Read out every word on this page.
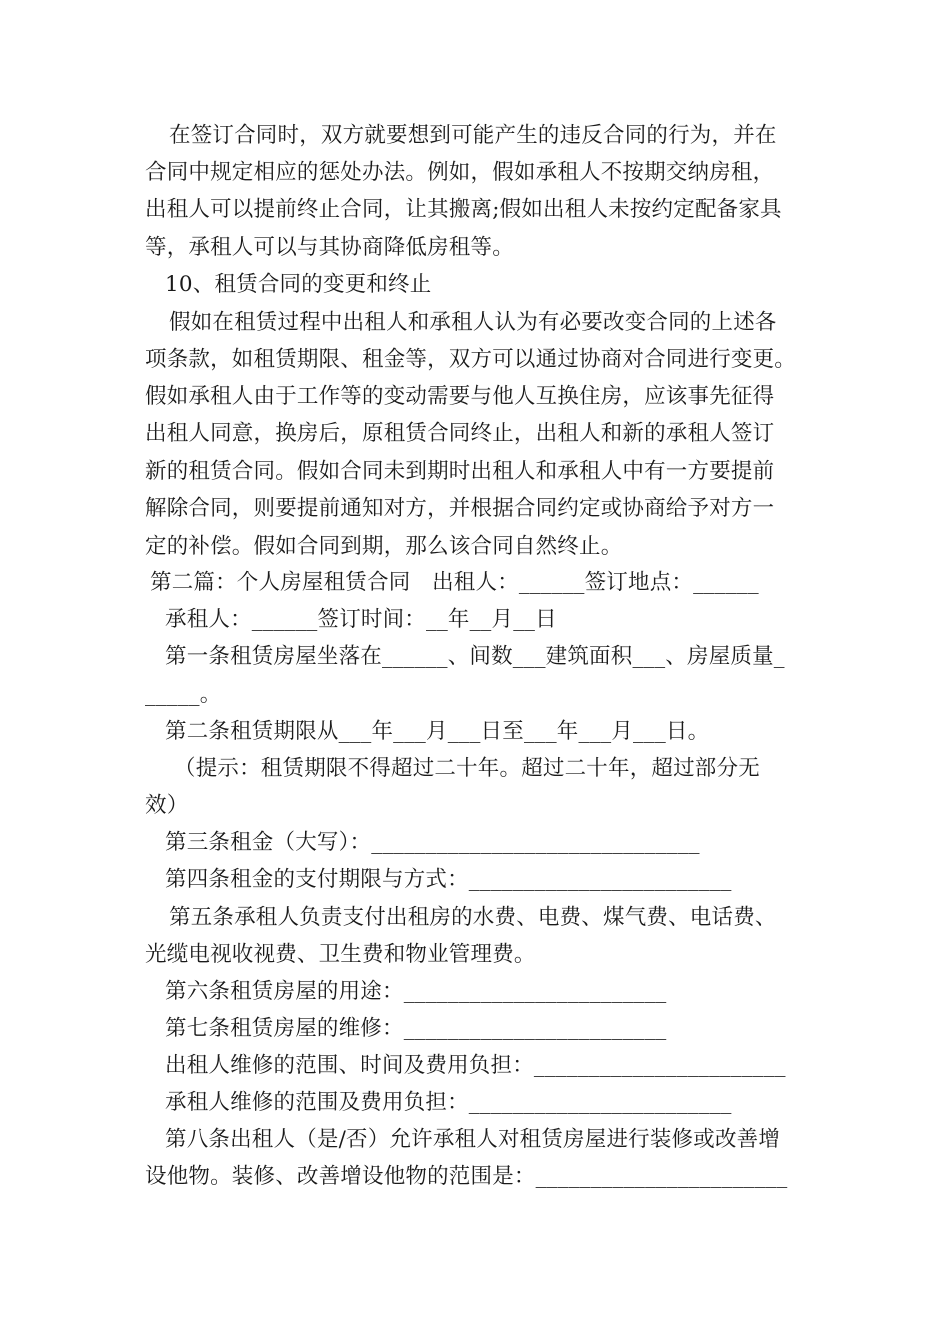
在签订合同时，双方就要想到可能产生的违反合同的行为，并在
合同中规定相应的惩处办法。例如，假如承租人不按期交纳房租，
出租人可以提前终止合同，让其搬离;假如出租人未按约定配备家具
等，承租人可以与其协商降低房租等。
10、租赁合同的变更和终止
假如在租赁过程中出租人和承租人认为有必要改变合同的上述各
项条款，如租赁期限、租金等，双方可以通过协商对合同进行变更。
假如承租人由于工作等的变动需要与他人互换住房，应该事先征得
出租人同意，换房后，原租赁合同终止，出租人和新的承租人签订
新的租赁合同。假如合同未到期时出租人和承租人中有一方要提前
解除合同，则要提前通知对方，并根据合同约定或协商给予对方一
定的补偿。假如合同到期，那么该合同自然终止。
第二篇：个人房屋租赁合同　出租人：______签订地点：______
承租人：______签订时间：__年__月__日
第一条租赁房屋坐落在______、间数___建筑面积___、房屋质量_
_____。
第二条租赁期限从___年___月___日至___年___月___日。
（提示：租赁期限不得超过二十年。超过二十年，超过部分无
效）
第三条租金（大写）：______________________________
第四条租金的支付期限与方式：________________________
第五条承租人负责支付出租房的水费、电费、煤气费、电话费、
光缆电视收视费、卫生费和物业管理费。
第六条租赁房屋的用途：________________________
第七条租赁房屋的维修：________________________
出租人维修的范围、时间及费用负担：_______________________
承租人维修的范围及费用负担：________________________
第八条出租人（是/否）允许承租人对租赁房屋进行装修或改善增
设他物。装修、改善增设他物的范围是：_______________________
